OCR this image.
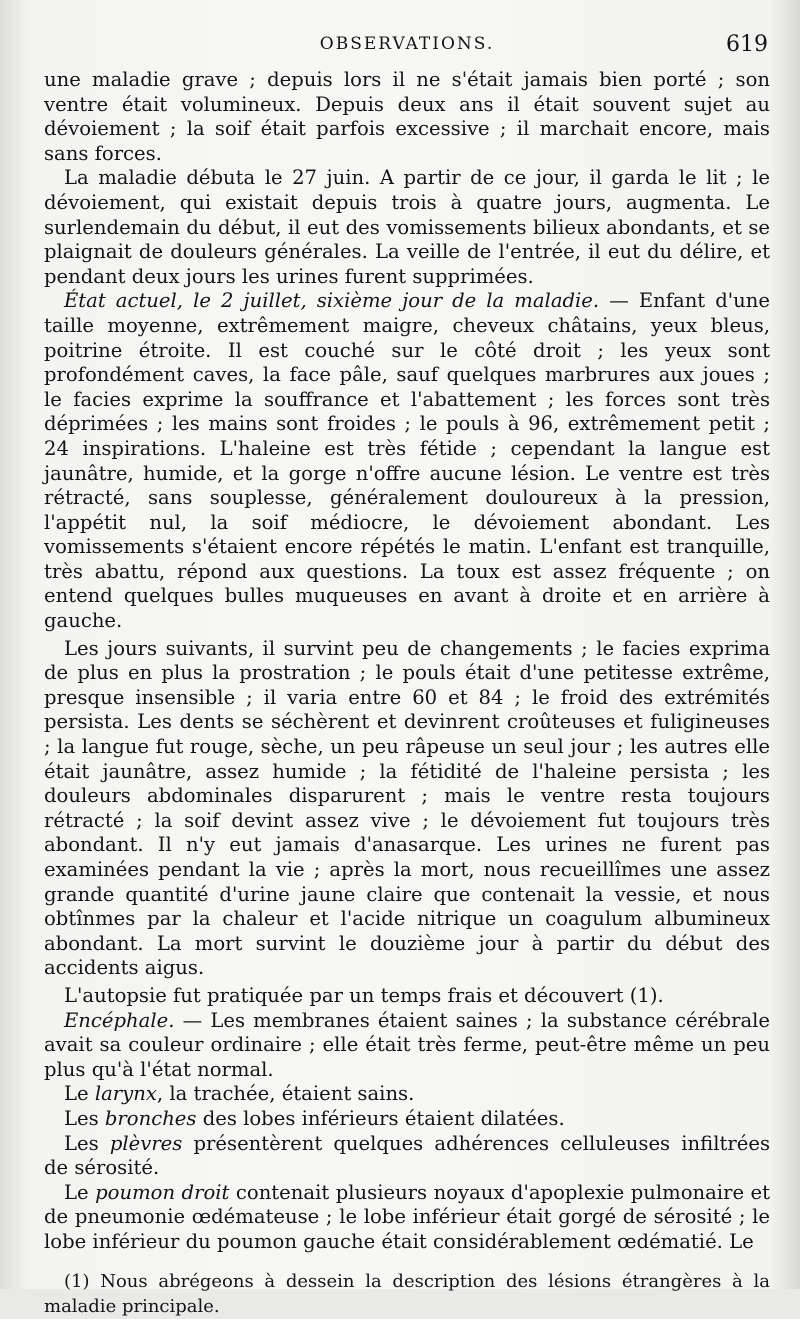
OBSERVATIONS.	619

une maladie grave ; depuis lors il ne s'était jamais bien porté ; son ventre était volumineux. Depuis deux ans il était souvent sujet au dévoiement ; la soif était parfois excessive ; il marchait encore, mais sans forces.

La maladie débuta le 27 juin. A partir de ce jour, il garda le lit ; le dévoiement, qui existait depuis trois à quatre jours, augmenta. Le surlendemain du début, il eut des vomissements bilieux abondants, et se plaignait de douleurs générales. La veille de l'entrée, il eut du délire, et pendant deux jours les urines furent supprimées.

État actuel, le 2 juillet, sixième jour de la maladie. — Enfant d'une taille moyenne, extrêmement maigre, cheveux châtains, yeux bleus, poitrine étroite. Il est couché sur le côté droit ; les yeux sont profondément caves, la face pâle, sauf quelques marbrures aux joues ; le facies exprime la souffrance et l'abattement ; les forces sont très déprimées ; les mains sont froides ; le pouls à 96, extrêmement petit ; 24 inspirations. L'haleine est très fétide ; cependant la langue est jaunâtre, humide, et la gorge n'offre aucune lésion. Le ventre est très rétracté, sans souplesse, généralement douloureux à la pression, l'appétit nul, la soif médiocre, le dévoiement abondant. Les vomissements s'étaient encore répétés le matin. L'enfant est tranquille, très abattu, répond aux questions. La toux est assez fréquente ; on entend quelques bulles muqueuses en avant à droite et en arrière à gauche.

Les jours suivants, il survint peu de changements ; le facies exprima de plus en plus la prostration ; le pouls était d'une petitesse extrême, presque insensible ; il varia entre 60 et 84 ; le froid des extrémités persista. Les dents se séchèrent et devinrent croûteuses et fuligineuses ; la langue fut rouge, sèche, un peu râpeuse un seul jour ; les autres elle était jaunâtre, assez humide ; la fétidité de l'haleine persista ; les douleurs abdominales disparurent ; mais le ventre resta toujours rétracté ; la soif devint assez vive ; le dévoiement fut toujours très abondant. Il n'y eut jamais d'anasarque. Les urines ne furent pas examinées pendant la vie ; après la mort, nous recueillîmes une assez grande quantité d'urine jaune claire que contenait la vessie, et nous obtînmes par la chaleur et l'acide nitrique un coagulum albumineux abondant. La mort survint le douzième jour à partir du début des accidents aigus.

L'autopsie fut pratiquée par un temps frais et découvert (1).

Encéphale. — Les membranes étaient saines ; la substance cérébrale avait sa couleur ordinaire ; elle était très ferme, peut-être même un peu plus qu'à l'état normal.

Le larynx, la trachée, étaient sains.

Les bronches des lobes inférieurs étaient dilatées.

Les plèvres présentèrent quelques adhérences celluleuses infiltrées de sérosité.

Le poumon droit contenait plusieurs noyaux d'apoplexie pulmonaire et de pneumonie œdémateuse ; le lobe inférieur était gorgé de sérosité ; le lobe inférieur du poumon gauche était considérablement œdématié. Le

(1) Nous abrégeons à dessein la description des lésions étrangères à la maladie principale.
